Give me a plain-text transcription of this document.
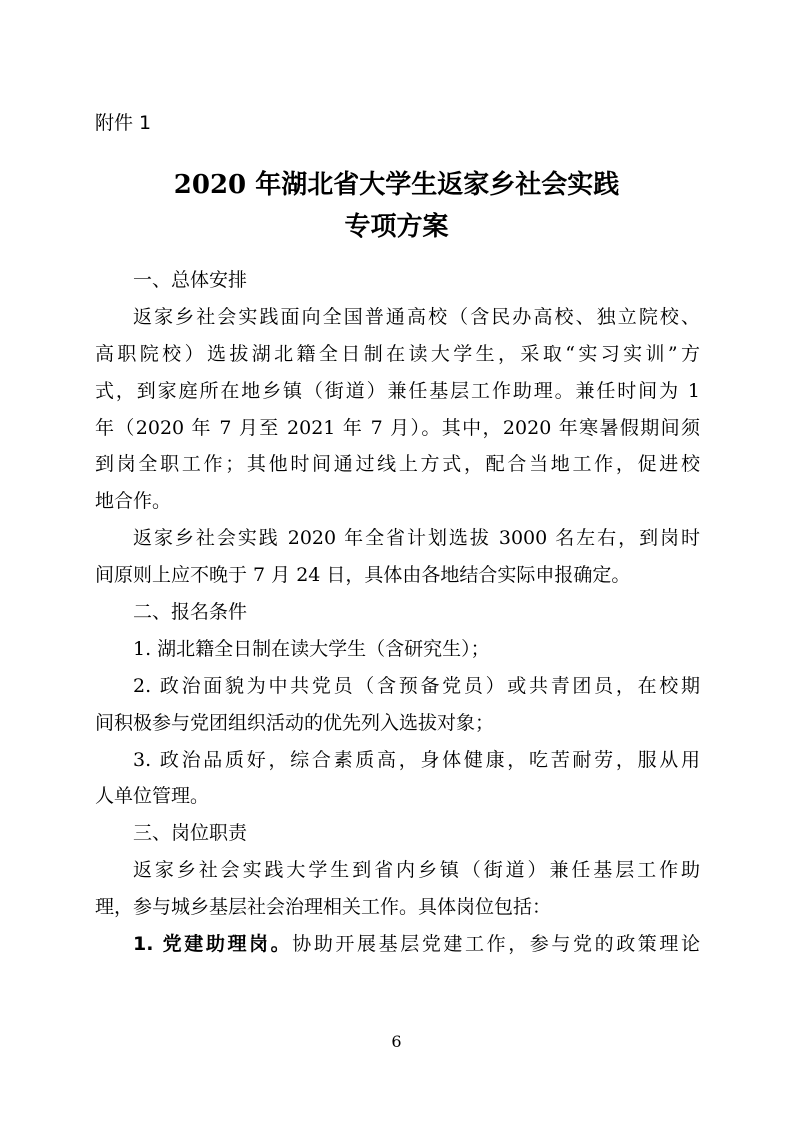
附件 1
2020 年湖北省大学生返家乡社会实践
专项方案
一、总体安排
返家乡社会实践面向全国普通高校（含民办高校、独立院校、
高职院校）选拔湖北籍全日制在读大学生，采取“实习实训”方
式，到家庭所在地乡镇（街道）兼任基层工作助理。兼任时间为 1
年（2020 年 7 月至 2021 年 7 月）。其中，2020 年寒暑假期间须
到岗全职工作；其他时间通过线上方式，配合当地工作，促进校
地合作。
返家乡社会实践 2020 年全省计划选拔 3000 名左右，到岗时
间原则上应不晚于 7 月 24 日，具体由各地结合实际申报确定。
二、报名条件
1. 湖北籍全日制在读大学生（含研究生）；
2. 政治面貌为中共党员（含预备党员）或共青团员，在校期
间积极参与党团组织活动的优先列入选拔对象；
3. 政治品质好，综合素质高，身体健康，吃苦耐劳，服从用
人单位管理。
三、岗位职责
返家乡社会实践大学生到省内乡镇（街道）兼任基层工作助
理，参与城乡基层社会治理相关工作。具体岗位包括：
1. 党建助理岗。协助开展基层党建工作，参与党的政策理论
6
